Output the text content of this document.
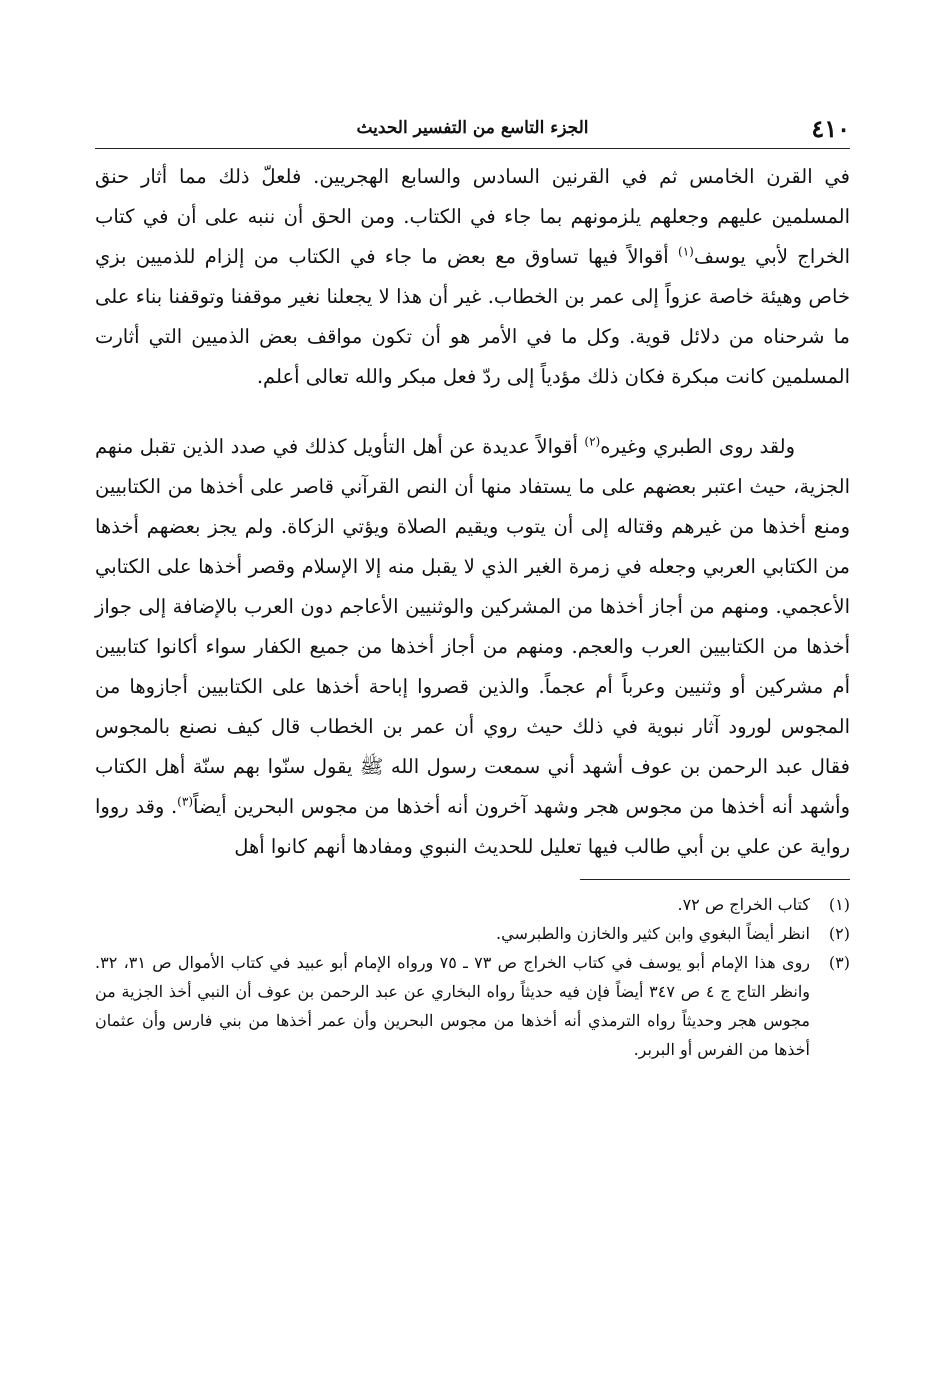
٤١٠
الجزء التاسع من التفسير الحديث

في القرن الخامس ثم في القرنين السادس والسابع الهجريين. فلعلّ ذلك مما أثار حنق المسلمين عليهم وجعلهم يلزمونهم بما جاء في الكتاب. ومن الحق أن ننبه على أن في كتاب الخراج لأبي يوسف$^{(١)}$ أقوالاً فيها تساوق مع بعض ما جاء في الكتاب من إلزام للذميين بزي خاص وهيئة خاصة عزواً إلى عمر بن الخطاب. غير أن هذا لا يجعلنا نغير موقفنا وتوقفنا بناء على ما شرحناه من دلائل قوية. وكل ما في الأمر هو أن تكون مواقف بعض الذميين التي أثارت المسلمين كانت مبكرة فكان ذلك مؤدياً إلى ردّ فعل مبكر والله تعالى أعلم.

ولقد روى الطبري وغيره$^{(٢)}$ أقوالاً عديدة عن أهل التأويل كذلك في صدد الذين تقبل منهم الجزية، حيث اعتبر بعضهم على ما يستفاد منها أن النص القرآني قاصر على أخذها من الكتابيين ومنع أخذها من غيرهم وقتاله إلى أن يتوب ويقيم الصلاة ويؤتي الزكاة. ولم يجز بعضهم أخذها من الكتابي العربي وجعله في زمرة الغير الذي لا يقبل منه إلا الإسلام وقصر أخذها على الكتابي الأعجمي. ومنهم من أجاز أخذها من المشركين والوثنيين الأعاجم دون العرب بالإضافة إلى جواز أخذها من الكتابيين العرب والعجم. ومنهم من أجاز أخذها من جميع الكفار سواء أكانوا كتابيين أم مشركين أو وثنيين وعرباً أم عجماً. والذين قصروا إباحة أخذها على الكتابيين أجازوها من المجوس لورود آثار نبوية في ذلك حيث روي أن عمر بن الخطاب قال كيف نصنع بالمجوس فقال عبد الرحمن بن عوف أشهد أني سمعت رسول الله ﷺ يقول سنّوا بهم سنّة أهل الكتاب وأشهد أنه أخذها من مجوس هجر وشهد آخرون أنه أخذها من مجوس البحرين أيضاً$^{(٣)}$. وقد رووا رواية عن علي بن أبي طالب فيها تعليل للحديث النبوي ومفادها أنهم كانوا أهل

(١)
كتاب الخراج ص ٧٢.
(٢)
انظر أيضاً البغوي وابن كثير والخازن والطبرسي.
(٣)
روى هذا الإمام أبو يوسف في كتاب الخراج ص ٧٣ ـ ٧٥ ورواه الإمام أبو عبيد في كتاب الأموال ص ٣١، ٣٢. وانظر التاج ج ٤ ص ٣٤٧ أيضاً فإن فيه حديثاً رواه البخاري عن عبد الرحمن بن عوف أن النبي أخذ الجزية من مجوس هجر وحديثاً رواه الترمذي أنه أخذها من مجوس البحرين وأن عمر أخذها من بني فارس وأن عثمان أخذها من الفرس أو البربر.
